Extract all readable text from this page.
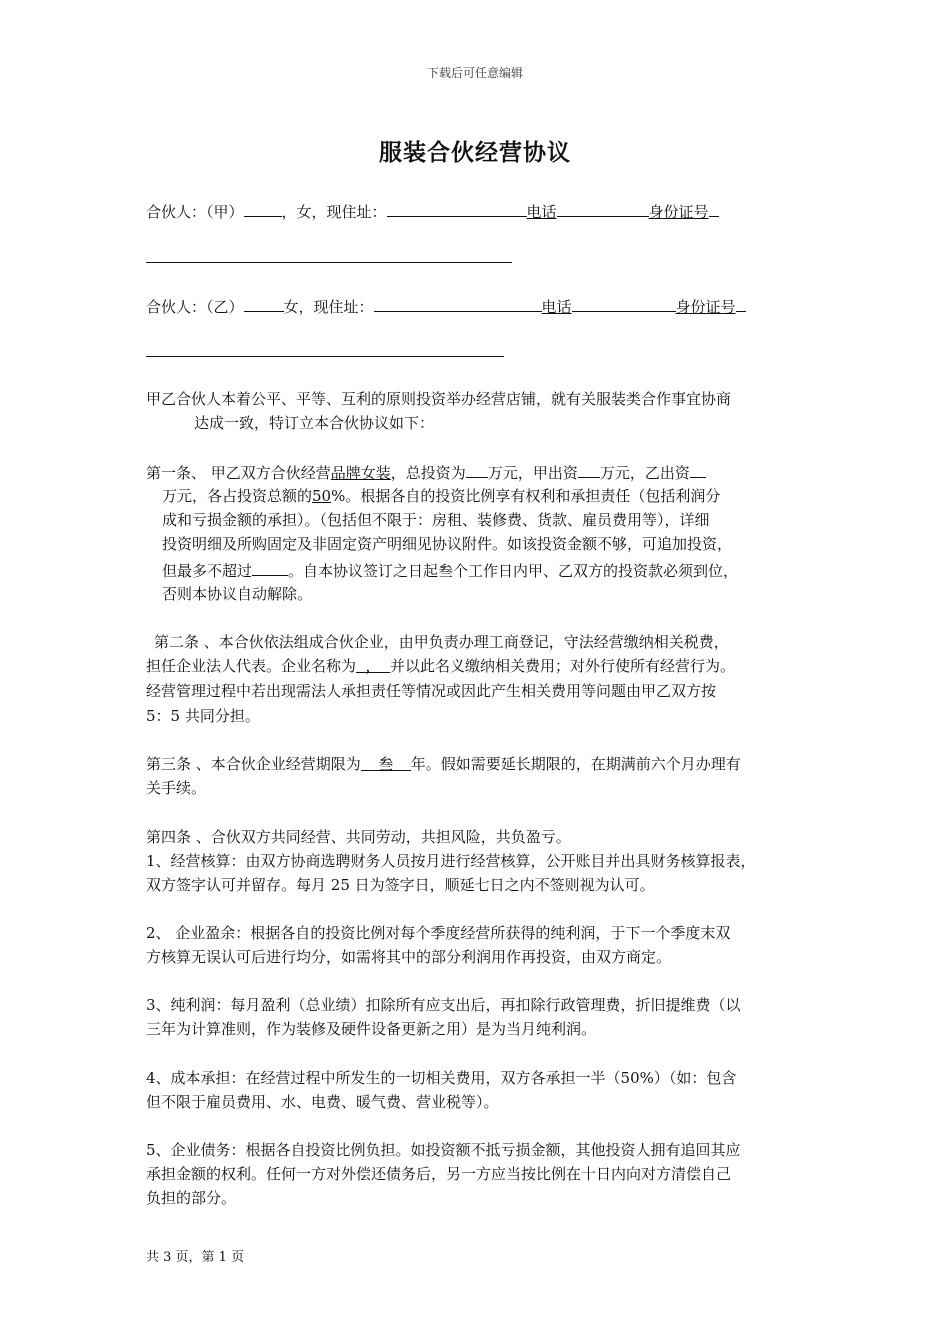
下载后可任意编辑
服装合伙经营协议
合伙人：（甲）	，女，现住址：	电话	身份证号
合伙人：（乙）	女，现住址：	电话	身份证号
甲乙合伙人本着公平、平等、互利的原则投资举办经营店铺，就有关服装类合作事宜协商
达成一致，特订立本合伙协议如下：
第一条、 甲乙双方合伙经营品牌女装，总投资为 万元，甲出资 万元，乙出资
万元，各占投资总额的50%。根据各自的投资比例享有权利和承担责任（包括利润分
成和亏损金额的承担）。（包括但不限于：房租、装修费、货款、雇员费用等），详细
投资明细及所购固定及非固定资产明细见协议附件。如该投资金额不够，可追加投资，
但最多不超过 。自本协议签订之日起叁个工作日内甲、乙双方的投资款必须到位，
否则本协议自动解除。
第二条 、本合伙依法组成合伙企业，由甲负责办理工商登记，守法经营缴纳相关税费，
担任企业法人代表。企业名称为 ， 并以此名义缴纳相关费用；对外行使所有经营行为。
经营管理过程中若出现需法人承担责任等情况或因此产生相关费用等问题由甲乙双方按
5：5 共同分担。
第三条 、本合伙企业经营期限为 叁 年。假如需要延长期限的，在期满前六个月办理有
关手续。
第四条 、合伙双方共同经营、共同劳动，共担风险，共负盈亏。
1、经营核算：由双方协商选聘财务人员按月进行经营核算，公开账目并出具财务核算报表，
双方签字认可并留存。每月 25 日为签字日，顺延七日之内不签则视为认可。
2、 企业盈余：根据各自的投资比例对每个季度经营所获得的纯利润，于下一个季度末双
方核算无误认可后进行均分，如需将其中的部分利润用作再投资，由双方商定。
3、纯利润：每月盈利（总业绩）扣除所有应支出后，再扣除行政管理费，折旧提维费（以
三年为计算准则，作为装修及硬件设备更新之用）是为当月纯利润。
4、成本承担：在经营过程中所发生的一切相关费用，双方各承担一半（50%）（如：包含
但不限于雇员费用、水、电费、暖气费、营业税等）。
5、企业债务：根据各自投资比例负担。如投资额不抵亏损金额，其他投资人拥有追回其应
承担金额的权利。任何一方对外偿还债务后，另一方应当按比例在十日内向对方清偿自己
负担的部分。
共 3 页，第 1 页
